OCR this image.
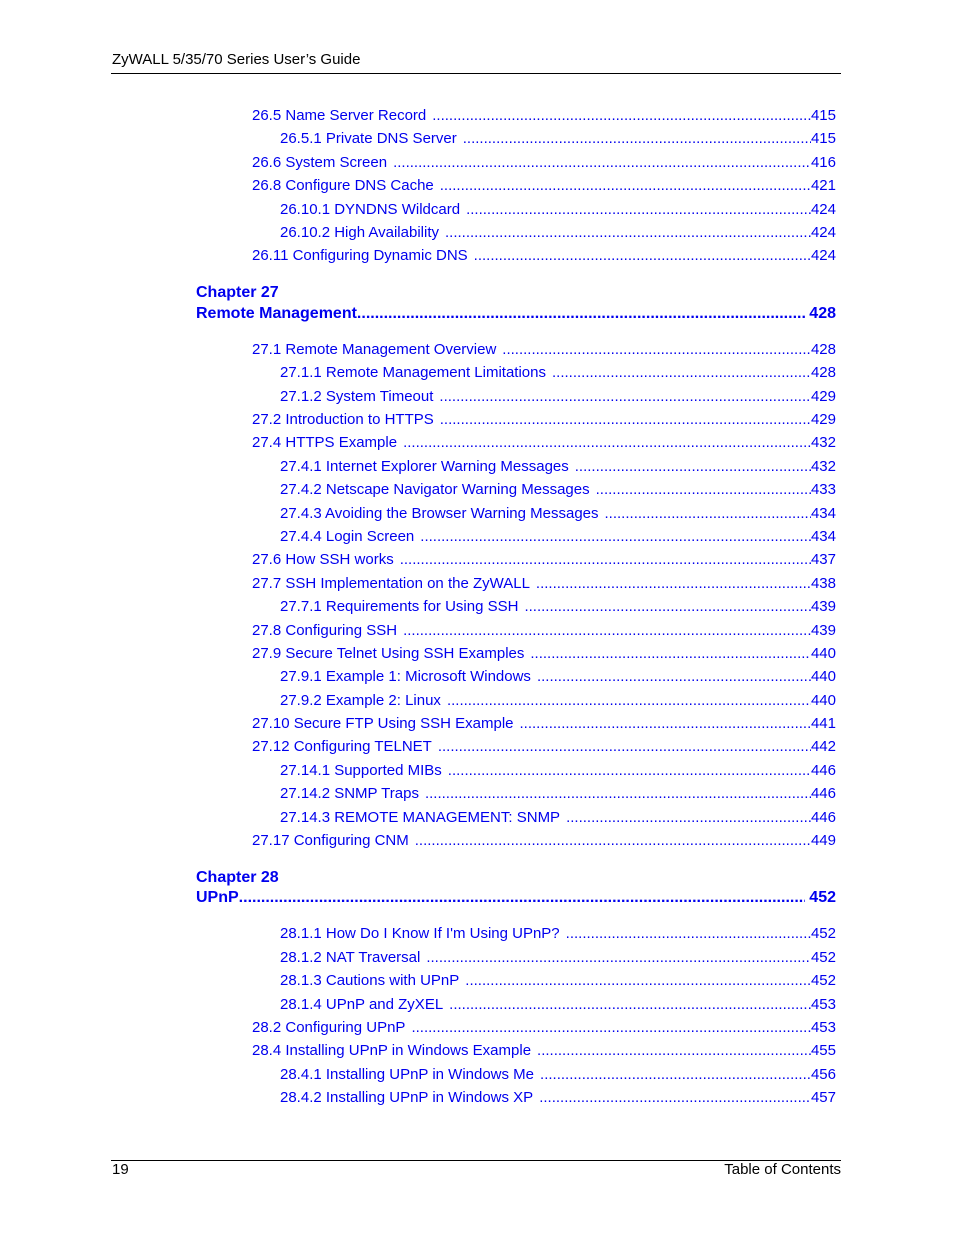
ZyWALL 5/35/70 Series User’s Guide
26.5 Name Server Record .....	415
26.5.1 Private DNS Server .....	415
26.6 System Screen .....	416
26.8 Configure DNS Cache .....	421
26.10.1 DYNDNS Wildcard .....	424
26.10.2 High Availability .....	424
26.11 Configuring Dynamic DNS .....	424
Chapter 27
Remote Management .....	428
27.1 Remote Management Overview .....	428
27.1.1 Remote Management Limitations .....	428
27.1.2 System Timeout .....	429
27.2 Introduction to HTTPS .....	429
27.4 HTTPS Example .....	432
27.4.1 Internet Explorer Warning Messages .....	432
27.4.2 Netscape Navigator Warning Messages .....	433
27.4.3 Avoiding the Browser Warning Messages .....	434
27.4.4 Login Screen .....	434
27.6 How SSH works .....	437
27.7 SSH Implementation on the ZyWALL .....	438
27.7.1 Requirements for Using SSH .....	439
27.8 Configuring SSH .....	439
27.9 Secure Telnet Using SSH Examples .....	440
27.9.1 Example 1: Microsoft Windows .....	440
27.9.2 Example 2: Linux .....	440
27.10 Secure FTP Using SSH Example .....	441
27.12 Configuring TELNET .....	442
27.14.1 Supported MIBs .....	446
27.14.2 SNMP Traps .....	446
27.14.3 REMOTE MANAGEMENT: SNMP .....	446
27.17 Configuring CNM .....	449
Chapter 28
UPnP .....	452
28.1.1 How Do I Know If I'm Using UPnP? .....	452
28.1.2 NAT Traversal .....	452
28.1.3 Cautions with UPnP .....	452
28.1.4 UPnP and ZyXEL .....	453
28.2 Configuring UPnP .....	453
28.4 Installing UPnP in Windows Example .....	455
28.4.1 Installing UPnP in Windows Me .....	456
28.4.2 Installing UPnP in Windows XP .....	457
19	Table of Contents
